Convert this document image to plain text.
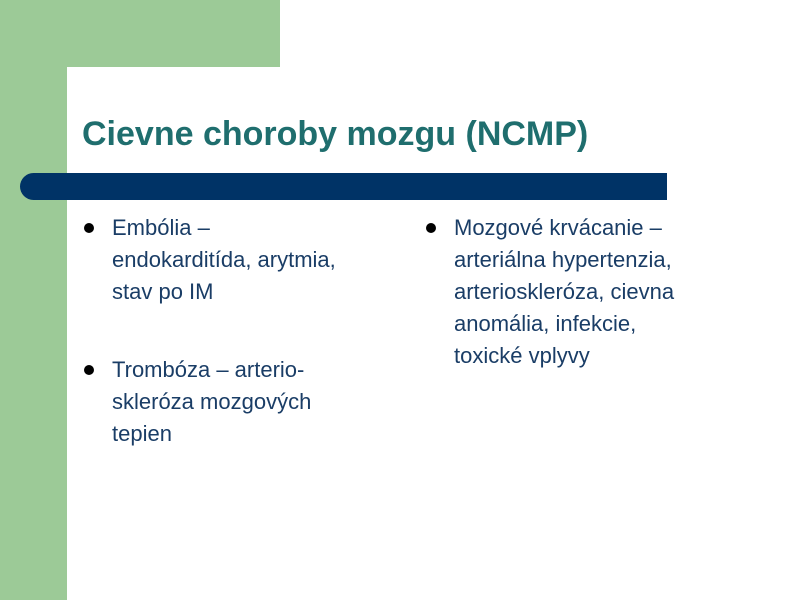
Cievne choroby mozgu (NCMP)
Embólia –
endokarditída, arytmia,
stav po IM
Trombóza – arterio-
skleróza mozgových
tepien
Mozgové krvácanie –
arteriálna hypertenzia,
arterioskleróza, cievna
anomália, infekcie,
toxické vplyvy
